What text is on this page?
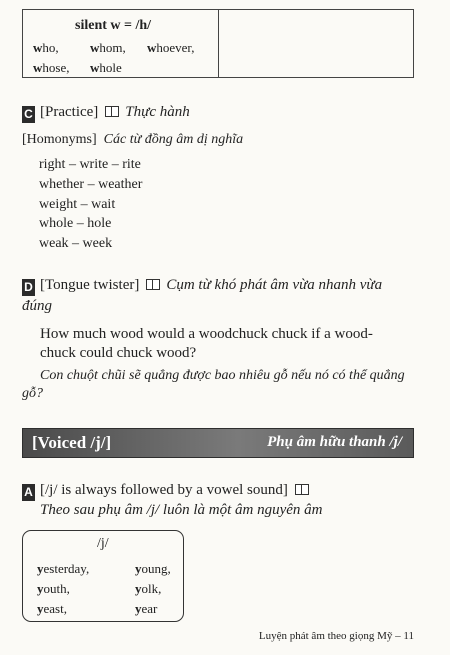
silent w = /h/
who, whom, whoever,
whose, whole
C [Practice] Thực hành
[Homonyms] Các từ đồng âm dị nghĩa
right – write – rite
whether – weather
weight – wait
whole – hole
weak – week
D [Tongue twister] Cụm từ khó phát âm vừa nhanh vừa
đúng
How much wood would a woodchuck chuck if a wood-
chuck could chuck wood?
Con chuột chũi sẽ quẳng được bao nhiêu gỗ nếu nó có thể quẳng
gỗ?
[Voiced /j/]	Phụ âm hữu thanh /j/
A [/j/ is always followed by a vowel sound]
Theo sau phụ âm /j/ luôn là một âm nguyên âm
/j/
yesterday,	young,
youth,	yolk,
yeast,	year
Luyện phát âm theo giọng Mỹ – 11
